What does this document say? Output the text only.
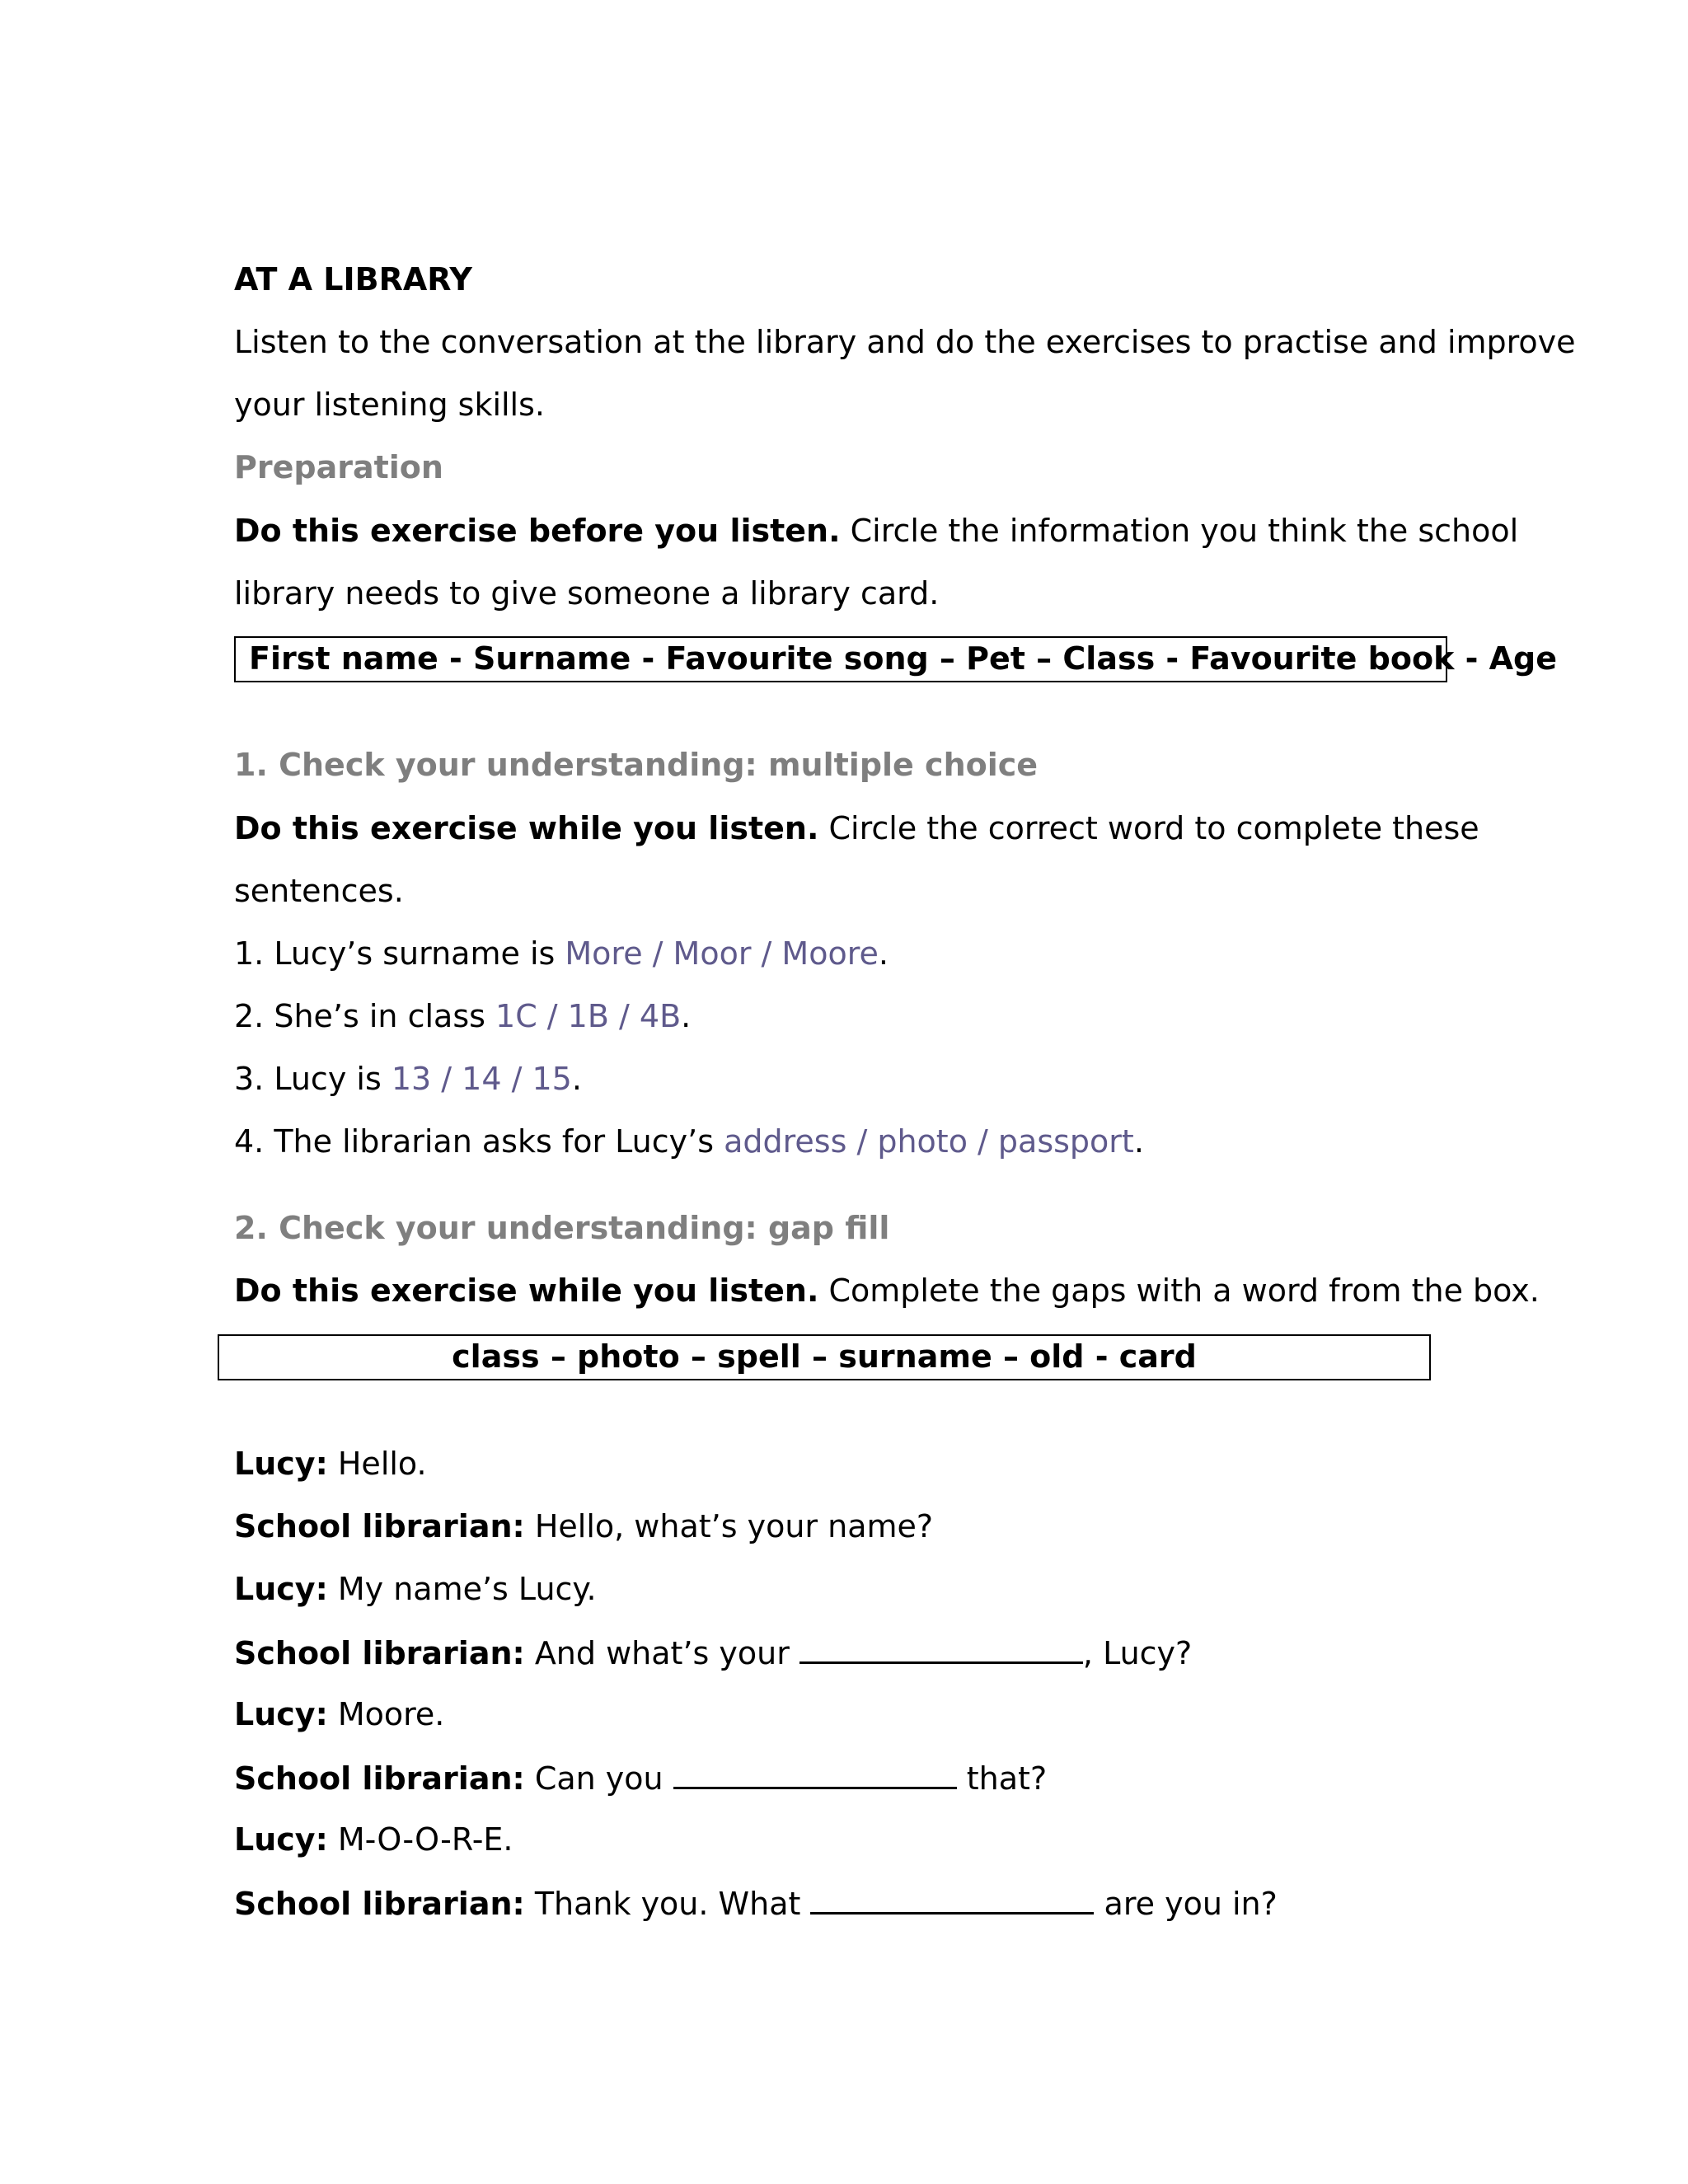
AT A LIBRARY
Listen to the conversation at the library and do the exercises to practise and improve
your listening skills.
Preparation
Do this exercise before you listen. Circle the information you think the school
library needs to give someone a library card.
First name - Surname - Favourite song – Pet – Class - Favourite book - Age
1. Check your understanding: multiple choice
Do this exercise while you listen. Circle the correct word to complete these
sentences.
1. Lucy’s surname is More / Moor / Moore.
2. She’s in class 1C / 1B / 4B.
3. Lucy is 13 / 14 / 15.
4. The librarian asks for Lucy’s address / photo / passport.
2. Check your understanding: gap fill
Do this exercise while you listen. Complete the gaps with a word from the box.
class – photo – spell – surname – old - card
Lucy: Hello.
School librarian: Hello, what’s your name?
Lucy: My name’s Lucy.
School librarian: And what’s your	, Lucy?
Lucy: Moore.
School librarian: Can you	that?
Lucy: M-O-O-R-E.
School librarian: Thank you. What	are you in?
